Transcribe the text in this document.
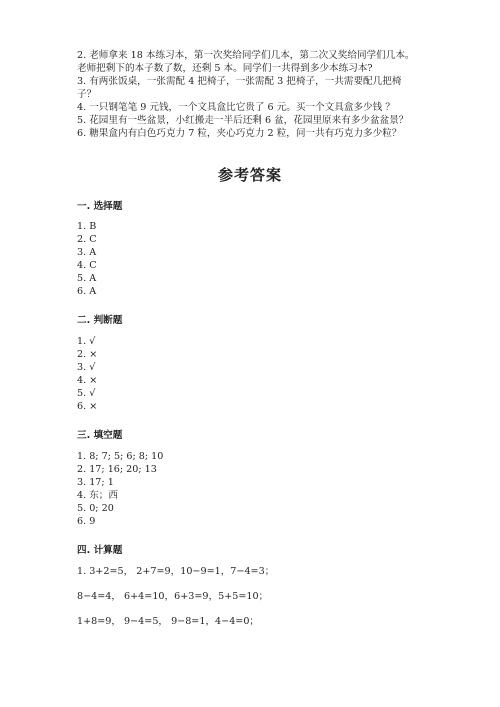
2. 老师拿来 18 本练习本，第一次奖给同学们几本，第二次又奖给同学们几本。
老师把剩下的本子数了数，还剩 5 本。同学们一共得到多少本练习本?
3. 有两张饭桌，一张需配 4 把椅子，一张需配 3 把椅子，一共需要配几把椅
子？
4. 一只钢笔笔 9 元钱，一个文具盒比它贵了 6 元。买一个文具盒多少钱 ？
5. 花园里有一些盆景，小红搬走一半后还剩 6 盆，花园里原来有多少盆盆景？
6. 糖果盒内有白色巧克力 7 粒，夹心巧克力 2 粒，问一共有巧克力多少粒？
参考答案
一. 选择题
1. B
2. C
3. A
4. C
5. A
6. A
二. 判断题
1. √
2. ×
3. √
4. ×
5. √
6. ×
三. 填空题
1. 8; 7; 5; 6; 8; 10
2. 17; 16; 20; 13
3. 17; 1
4. 东；西
5. 0; 20
6. 9
四. 计算题
1. 3+2=5， 2+7=9，10−9=1，7−4=3；
8−4=4， 6+4=10，6+3=9，5+5=10；
1+8=9， 9−4=5， 9−8=1，4−4=0；
